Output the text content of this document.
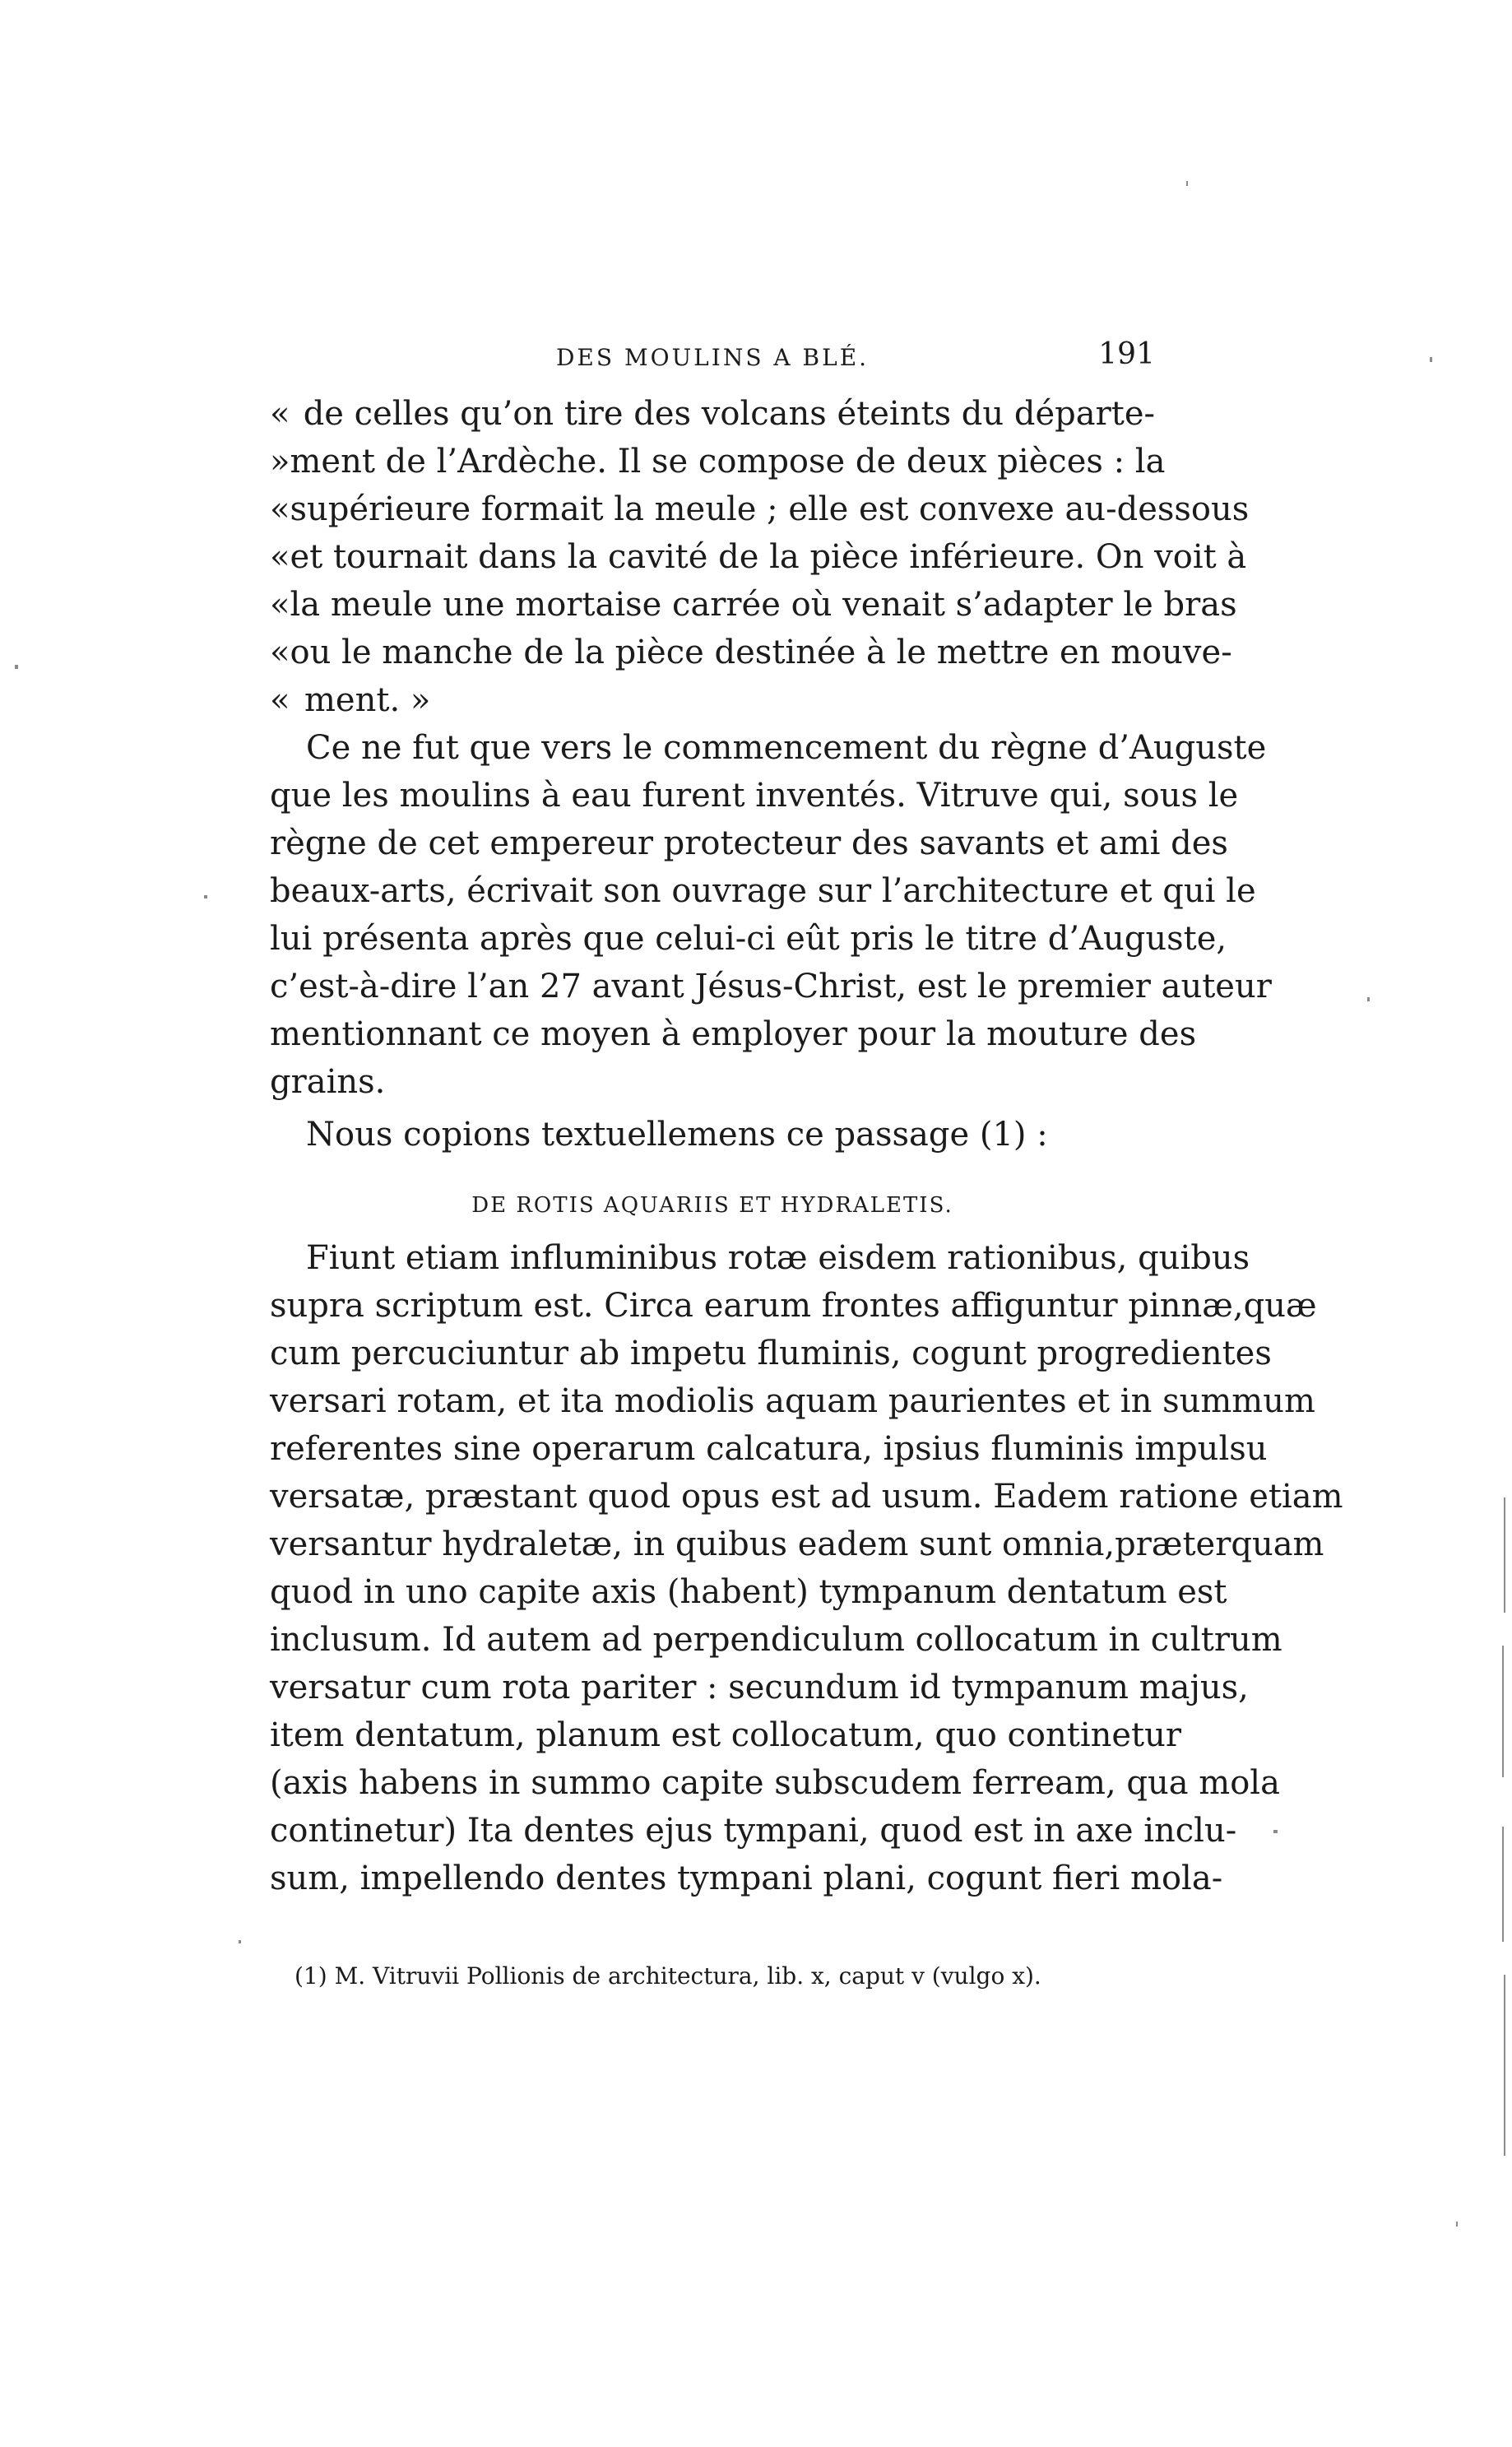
DES MOULINS A BLÉ.	191
« de celles qu’on tire des volcans éteints du départe-
» ment de l’Ardèche. Il se compose de deux pièces : la
« supérieure formait la meule ; elle est convexe au-dessous
« et tournait dans la cavité de la pièce inférieure. On voit à
« la meule une mortaise carrée où venait s’adapter le bras
« ou le manche de la pièce destinée à le mettre en mouve-
« ment. »
Ce ne fut que vers le commencement du règne d’Auguste
que les moulins à eau furent inventés. Vitruve qui, sous le
règne de cet empereur protecteur des savants et ami des
beaux-arts, écrivait son ouvrage sur l’architecture et qui le
lui présenta après que celui-ci eût pris le titre d’Auguste,
c’est-à-dire l’an 27 avant Jésus-Christ, est le premier auteur
mentionnant ce moyen à employer pour la mouture des
grains.
Nous copions textuellemens ce passage (1) :
DE ROTIS AQUARIIS ET HYDRALETIS.
Fiunt etiam influminibus rotæ eisdem rationibus, quibus
supra scriptum est. Circa earum frontes affiguntur pinnæ,quæ
cum percuciuntur ab impetu fluminis, cogunt progredientes
versari rotam, et ita modiolis aquam paurientes et in summum
referentes sine operarum calcatura, ipsius fluminis impulsu
versatæ, præstant quod opus est ad usum. Eadem ratione etiam
versantur hydraletæ, in quibus eadem sunt omnia,præterquam
quod in uno capite axis (habent) tympanum dentatum est
inclusum. Id autem ad perpendiculum collocatum in cultrum
versatur cum rota pariter : secundum id tympanum majus,
item dentatum, planum est collocatum, quo continetur
(axis habens in summo capite subscudem ferream, qua mola
continetur) Ita dentes ejus tympani, quod est in axe inclu-
sum, impellendo dentes tympani plani, cogunt fieri mola-
(1) M. Vitruvii Pollionis de architectura, lib. x, caput v (vulgo x).
